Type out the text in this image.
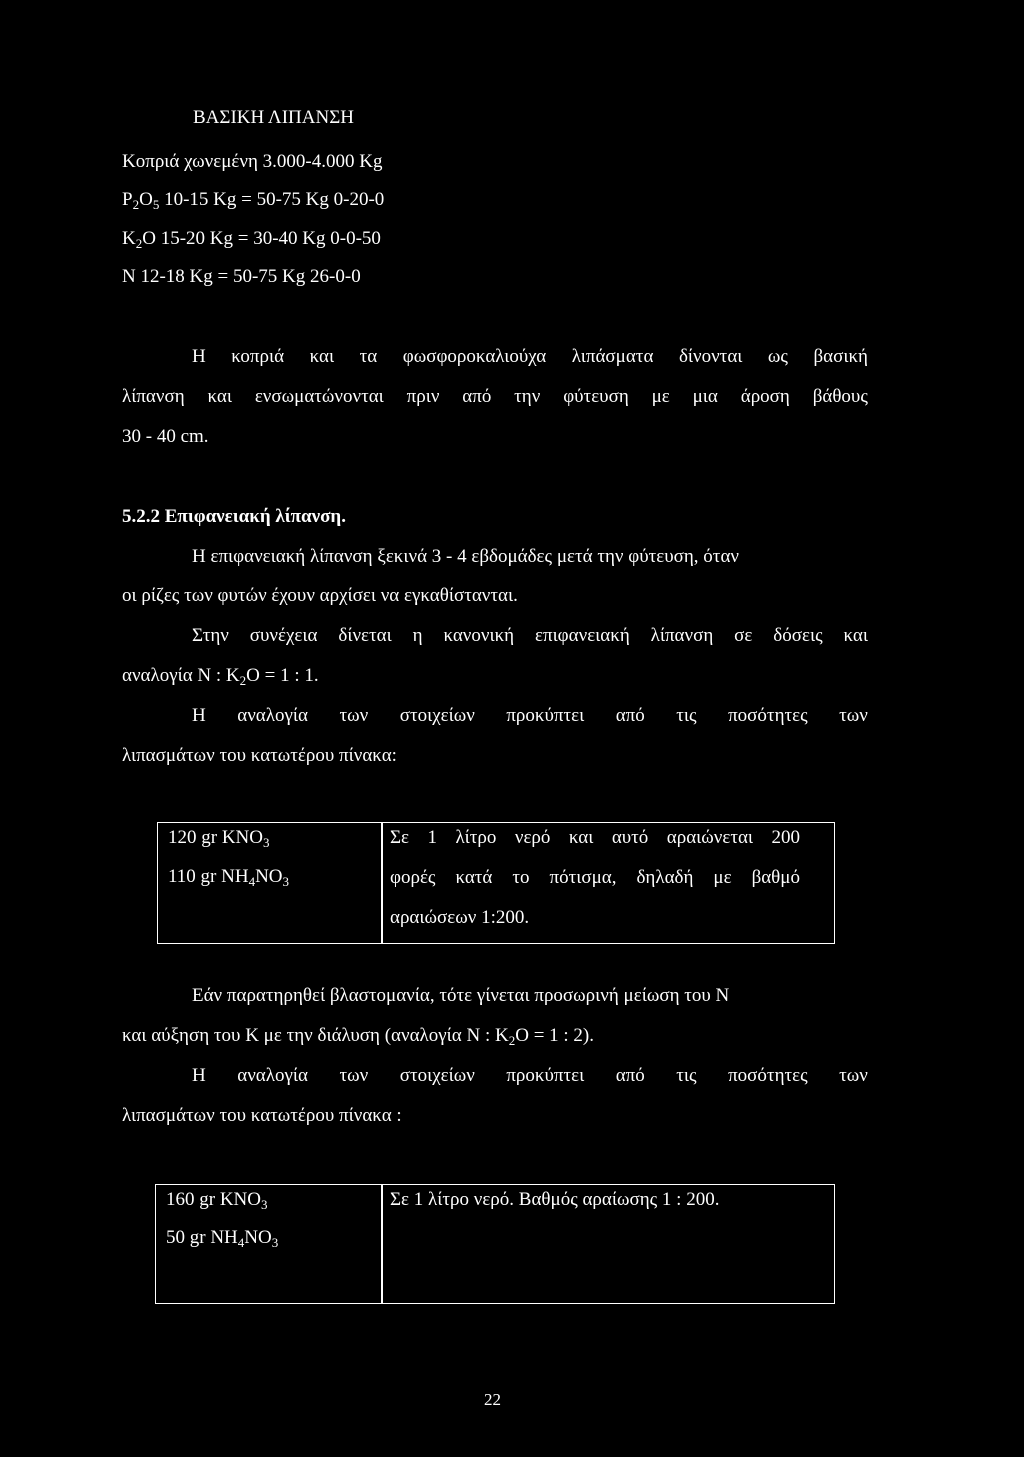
ΒΑΣΙΚΗ ΛΙΠΑΝΣΗ
Κοπριά χωνεμένη 3.000-4.000 Kg
$P_2O_5$ 10-15 Kg = 50-75 Kg 0-20-0
$K_2O$ 15-20 Kg = 30-40 Kg 0-0-50
N 12-18 Kg = 50-75 Kg 26-0-0
Η κοπριά και τα φωσφοροκαλιούχα λιπάσματα δίνονται ως βασική
λίπανση και ενσωματώνονται πριν από την φύτευση με μια άροση βάθους
30 - 40 cm.
5.2.2 Επιφανειακή λίπανση.
Η επιφανειακή λίπανση ξεκινά 3 - 4 εβδομάδες μετά την φύτευση, όταν
οι ρίζες των φυτών έχουν αρχίσει να εγκαθίστανται.
Στην συνέχεια δίνεται η κανονική επιφανειακή λίπανση σε δόσεις και
αναλογία N : $K_2O = 1$ : 1.
Η αναλογία των στοιχείων προκύπτει από τις ποσότητες των
λιπασμάτων του κατωτέρου πίνακα:
120 gr $KNO_3$
110 gr $NH_4NO_3$
Σε 1 λίτρο νερό και αυτό αραιώνεται 200
φορές κατά το πότισμα, δηλαδή με βαθμό
αραιώσεων 1:200.
Εάν παρατηρηθεί βλαστομανία, τότε γίνεται προσωρινή μείωση του Ν
και αύξηση του Κ με την διάλυση (αναλογία N : $K_2O = 1$ : 2).
Η αναλογία των στοιχείων προκύπτει από τις ποσότητες των
λιπασμάτων του κατωτέρου πίνακα :
160 gr $KNO_3$
50 gr $NH_4NO_3$
Σε 1 λίτρο νερό. Βαθμός αραίωσης 1 : 200.
22
